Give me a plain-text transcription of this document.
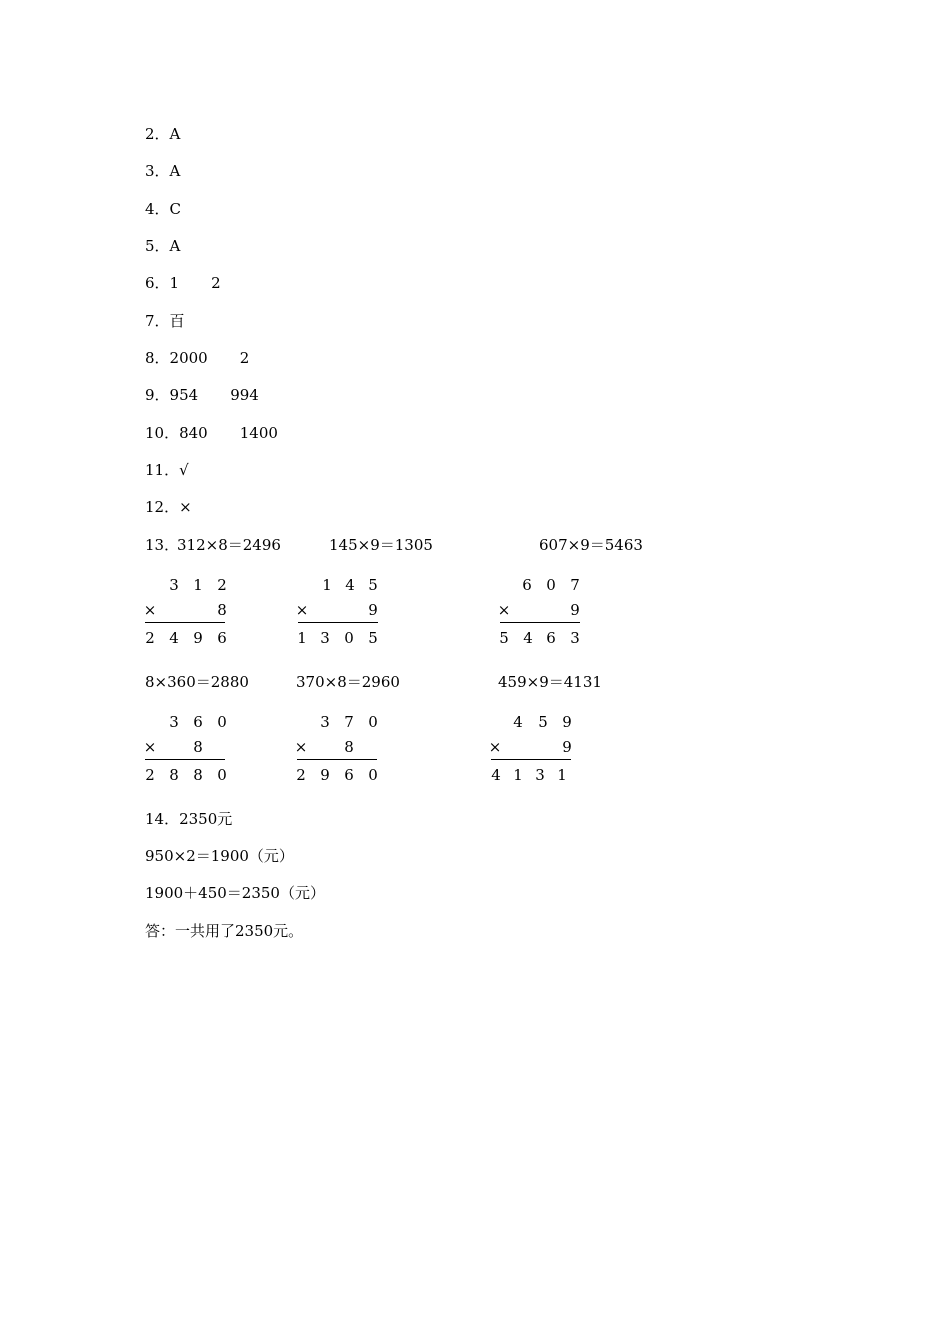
2．A
3．A
4．C
5．A
6．1 2
7．百
8．2000 2
9．954 994
10．840 1400
11．√
12．×
13．
312×8＝2496	145×9＝1305	607×9＝5463
3 1 2
×	8
2 4 9 6
1 4 5
×	9
1 3 0 5
6 0 7
×	9
5 4 6 3
8×360＝2880	370×8＝2960	459×9＝4131
3 6 0
× 8
2 8 8 0
3 7 0
× 8
2 9 6 0
4 5 9
×	9
4 1 3 1
14．2350元
950×2＝1900（元）
1900＋450＝2350（元）
答：一共用了2350元。
